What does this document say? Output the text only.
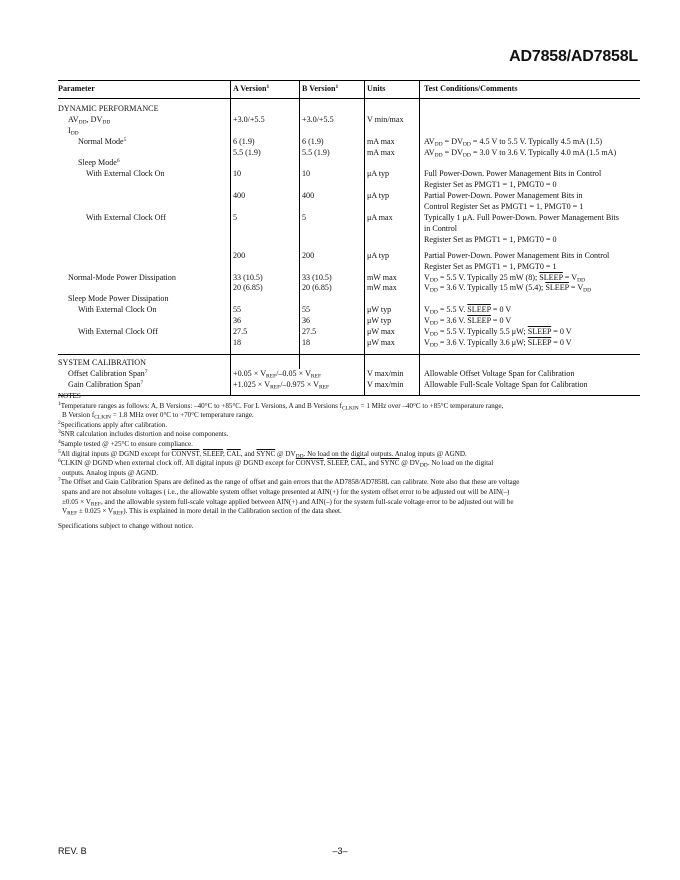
AD7858/AD7858L
Parameter	A Version$^1$	B Version$^1$	Units	Test Conditions/Comments

DYNAMIC PERFORMANCE				
$AV_{DD}$, $DV_{DD}$	+3.0/+5.5	+3.0/+5.5	V min/max	
$I_{DD}$				
Normal Mode$^5$	6 (1.9)	6 (1.9)	mA max	$AV_{DD} = DV_{DD} = 4.5$ V to 5.5 V. Typically 4.5 mA (1.5)
	5.5 (1.9)	5.5 (1.9)	mA max	$AV_{DD} = DV_{DD} = 3.0$ V to 3.6 V. Typically 4.0 mA (1.5 mA)
Sleep Mode$^6$				
With External Clock On	10	10	μA typ	Full Power-Down. Power Management Bits in Control
				Register Set as PMGT1 = 1, PMGT0 = 0
	400	400	μA typ	Partial Power-Down. Power Management Bits in
				Control Register Set as PMGT1 = 1, PMGT0 = 1
With External Clock Off	5	5	μA max	Typically 1 μA. Full Power-Down. Power Management Bits
				in Control
				Register Set as PMGT1 = 1, PMGT0 = 0

	200	200	μA typ	Partial Power-Down. Power Management Bits in Control
				Register Set as PMGT1 = 1, PMGT0 = 1
Normal-Mode Power Dissipation	33 (10.5)	33 (10.5)	mW max	$V_{DD} = 5.5$ V. Typically 25 mW (8); SLEEP = $V_{DD}$
	20 (6.85)	20 (6.85)	mW max	$V_{DD} = 3.6$ V. Typically 15 mW (5.4); SLEEP = $V_{DD}$
Sleep Mode Power Dissipation				
With External Clock On	55	55	μW typ	$V_{DD} = 5.5$ V. SLEEP = 0 V
	36	36	μW typ	$V_{DD} = 3.6$ V. SLEEP = 0 V
With External Clock Off	27.5	27.5	μW max	$V_{DD} = 5.5$ V. Typically 5.5 μW; SLEEP = 0 V
	18	18	μW max	$V_{DD} = 3.6$ V. Typically 3.6 μW; SLEEP = 0 V

SYSTEM CALIBRATION				
Offset Calibration Span$^7$	$+0.05 \times V_{REF}/-0.05 \times V_{REF}$		V max/min	Allowable Offset Voltage Span for Calibration
Gain Calibration Span$^7$	$+1.025 \times V_{REF}/-0.975 \times V_{REF}$		V max/min	Allowable Full-Scale Voltage Span for Calibration

NOTES

$^1$Temperature ranges as follows: A, B Versions: –40°C to +85°C. For L Versions, A and B Versions $f_{CLKIN} = 1$ MHz over –40°C to +85°C temperature range,

B Version $f_{CLKIN} = 1.8$ MHz over 0°C to +70°C temperature range.

$^2$Specifications apply after calibration.

$^3$SNR calculation includes distortion and noise components.

$^4$Sample tested @ +25°C to ensure compliance.

$^5$All digital inputs @ DGND except for CONVST, SLEEP, $\overline{CAL}$, and SYNC @ $DV_{DD}$. No load on the digital outputs. Analog inputs @ AGND.

$^6$CLKIN @ DGND when external clock off. All digital inputs @ DGND except for CONVST, SLEEP, $\overline{CAL}$, and SYNC @ $DV_{DD}$. No load on the digital

outputs. Analog inputs @ AGND.

$^7$The Offset and Gain Calibration Spans are defined as the range of offset and gain errors that the AD7858/AD7858L can calibrate. Note also that these are voltage

spans and are not absolute voltages ( i.e., the allowable system offset voltage presented at AIN(+) for the system offset error to be adjusted out will be AIN(–)

$\pm 0.05 \times V_{REF}$, and the allowable system full-scale voltage applied between AIN(+) and AIN(–) for the system full-scale voltage error to be adjusted out will be

$V_{REF} \pm 0.025 \times V_{REF}$). This is explained in more detail in the Calibration section of the data sheet.

Specifications subject to change without notice.

REV. B	–3–
